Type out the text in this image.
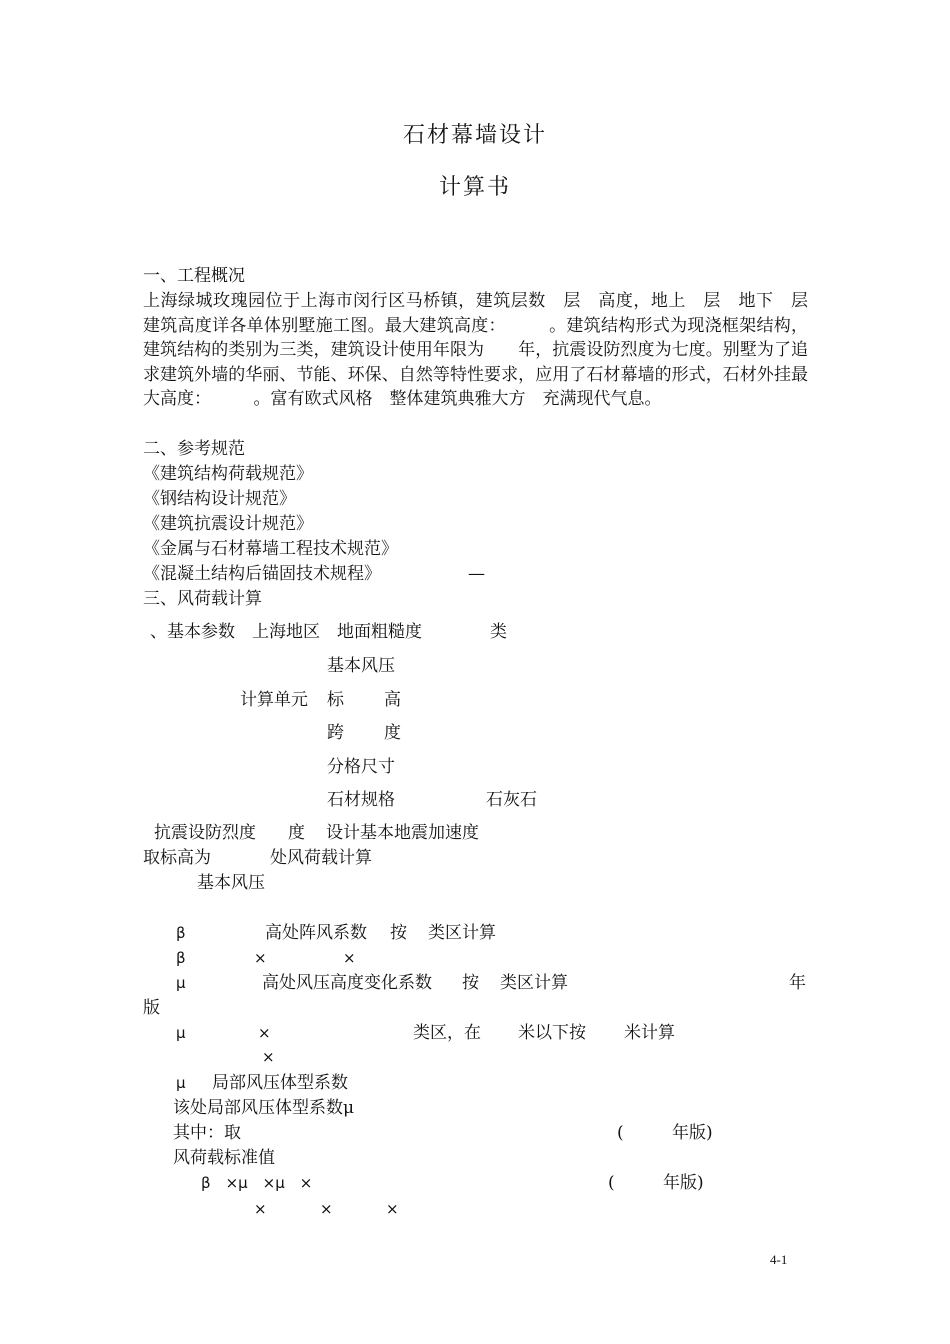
石材幕墙设计
计算书
一、工程概况
上海绿城玫瑰园位于上海市闵行区马桥镇，建筑层数　层　高度，地上　层　地下　层　建筑高度详各单体别墅施工图。最大建筑高度：　　　。建筑结构形式为现浇框架结构，建筑结构的类别为三类，建筑设计使用年限为　　年，抗震设防烈度为七度。别墅为了追求建筑外墙的华丽、节能、环保、自然等特性要求，应用了石材幕墙的形式，石材外挂最大高度：　　　。富有欧式风格　整体建筑典雅大方　充满现代气息。
二、参考规范
《建筑结构荷载规范》
《钢结构设计规范》
《建筑抗震设计规范》
《金属与石材幕墙工程技术规范》
《混凝土结构后锚固技术规程》	—
三、风荷载计算
、基本参数　上海地区　地面粗糙度	类
基本风压
计算单元 标 高
跨 度
分格尺寸
石材规格	石灰石
抗震设防烈度 度 设计基本地震加速度
取标高为	处风荷载计算
基本风压
β	高处阵风系数 按 类区计算
β	×	×
μ	高处风压高度变化系数 按 类区计算	年
版
μ	×	类区，在 米以下按 米计算
×
μ 局部风压体型系数
该处局部风压体型系数μ
其中：取	(	年版)
风荷载标准值
β　×μ　×μ　×	(	年版)
×	×	×
4-1
